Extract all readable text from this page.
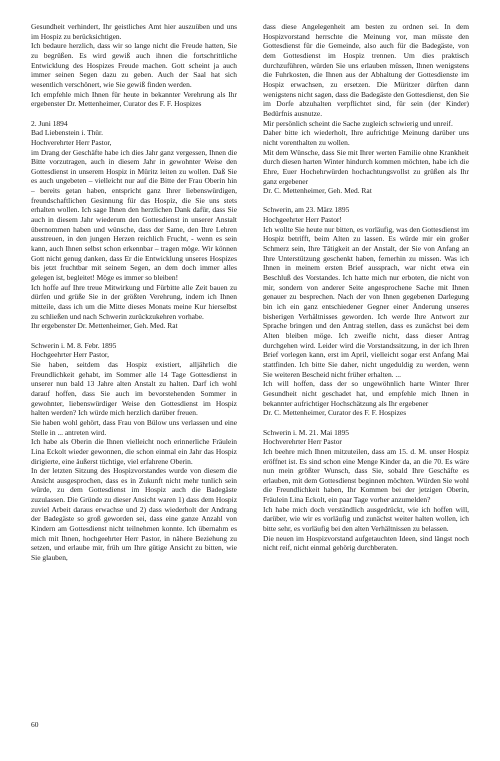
Gesundheit verhindert, Ihr geistliches Amt hier auszuüben und uns im Hospiz zu berücksichtigen.

Ich bedaure herzlich, dass wir so lange nicht die Freude hatten, Sie zu begrüßen. Es wird gewiß auch ihnen die fortschrittliche Entwicklung des Hospizes Freude machen. Gott scheint ja auch immer seinen Segen dazu zu geben. Auch der Saal hat sich wesentlich verschönert, wie Sie gewiß finden werden.

Ich empfehle mich Ihnen für heute in bekannter Verehrung als Ihr ergebenster Dr. Mettenheimer, Curator des F. F. Hospizes

2. Juni 1894

Bad Liebenstein i. Thür.

Hochverehrter Herr Pastor,

im Drang der Geschäfte habe ich dies Jahr ganz vergessen, Ihnen die Bitte vorzutragen, auch in diesem Jahr in gewohnter Weise den Gottesdienst in unserem Hospiz in Müritz leiten zu wollen. Daß Sie es auch ungebeten – vielleicht nur auf die Bitte der Frau Oberin hin – bereits getan haben, entspricht ganz Ihrer liebenswürdigen, freundschaftlichen Gesinnung für das Hospiz, die Sie uns stets erhalten wollen. Ich sage Ihnen den herzlichen Dank dafür, dass Sie auch in diesem Jahr wiederum den Gottesdienst in unserer Anstalt übernommen haben und wünsche, dass der Same, den Ihre Lehren ausstreuen, in den jungen Herzen reichlich Frucht, - wenn es sein kann, auch Ihnen selbst schon erkennbar – tragen möge. Wir können Gott nicht genug danken, dass Er die Entwicklung unseres Hospizes bis jetzt fruchtbar mit seinem Segen, an dem doch immer alles gelegen ist, begleitet! Möge es immer so bleiben!

Ich hoffe auf Ihre treue Mitwirkung und Fürbitte alle Zeit bauen zu dürfen und grüße Sie in der größten Verehrung, indem ich Ihnen mitteile, dass ich um die Mitte dieses Monats meine Kur hierselbst zu schließen und nach Schwerin zurückzukehren vorhabe.

Ihr ergebenster Dr. Mettenheimer, Geh. Med. Rat

Schwerin i. M. 8. Febr. 1895

Hochgeehrter Herr Pastor,

Sie haben, seitdem das Hospiz existiert, alljährlich die Freundlichkeit gehabt, im Sommer alle 14 Tage Gottesdienst in unserer nun bald 13 Jahre alten Anstalt zu halten. Darf ich wohl darauf hoffen, dass Sie auch im bevorstehenden Sommer in gewohnter, liebenswürdiger Weise den Gottesdienst im Hospiz halten werden? Ich würde mich herzlich darüber freuen.

Sie haben wohl gehört, dass Frau von Bülow uns verlassen und eine Stelle in ... antreten wird.

Ich habe als Oberin die Ihnen vielleicht noch erinnerliche Fräulein Lina Eckolt wieder gewonnen, die schon einmal ein Jahr das Hospiz dirigierte, eine äußerst tüchtige, viel erfahrene Oberin.

In der letzten Sitzung des Hospizvorstandes wurde von diesem die Ansicht ausgesprochen, dass es in Zukunft nicht mehr tunlich sein würde, zu dem Gottesdienst im Hospiz auch die Badegäste zuzulassen. Die Gründe zu dieser Ansicht waren 1) dass dem Hospiz zuviel Arbeit daraus erwachse und 2) dass wiederholt der Andrang der Badegäste so groß geworden sei, dass eine ganze Anzahl von Kindern am Gottesdienst nicht teilnehmen konnte. Ich übernahm es mich mit Ihnen, hochgeehrter Herr Pastor, in nähere Beziehung zu setzen, und erlaube mir, früh um Ihre gütige Ansicht zu bitten, wie Sie glauben,

dass diese Angelegenheit am besten zu ordnen sei. In dem Hospizvorstand herrschte die Meinung vor, man müsste den Gottesdienst für die Gemeinde, also auch für die Badegäste, von dem Gottesdienst im Hospiz trennen. Um dies praktisch durchzuführen, würden Sie uns erlauben müssen, Ihnen wenigstens die Fuhrkosten, die Ihnen aus der Abhaltung der Gottesdienste im Hospiz erwachsen, zu ersetzen. Die Müritzer dürften dann wenigstens nicht sagen, dass die Badegäste den Gottesdienst, den Sie im Dorfe abzuhalten verpflichtet sind, für sein (der Kinder) Bedürfnis ausnutze.

Mir persönlich scheint die Sache zugleich schwierig und unreif.

Daher bitte ich wiederholt, Ihre aufrichtige Meinung darüber uns nicht vorenthalten zu wollen.

Mit dem Wünsche, dass Sie mit Ihrer werten Familie ohne Krankheit durch diesen harten Winter hindurch kommen möchten, habe ich die Ehre, Euer Hochehrwürden hochachtungsvollst zu grüßen als Ihr ganz ergebener

Dr. C. Mettenheimer, Geh. Med. Rat

Schwerin, am 23. März 1895

Hochgeehrter Herr Pastor!

Ich wollte Sie heute nur bitten, es vorläufig, was den Gottesdienst im Hospiz betrifft, beim Alten zu lassen. Es würde mir ein großer Schmerz sein, Ihre Tätigkeit an der Anstalt, der Sie von Anfang an Ihre Unterstützung geschenkt haben, fernerhin zu missen. Was ich Ihnen in meinem ersten Brief aussprach, war nicht etwa ein Beschluß des Vorstandes. Ich hatte mich nur erboten, die nicht von mir, sondern von anderer Seite angesprochene Sache mit Ihnen genauer zu besprechen. Nach der von Ihnen gegebenen Darlegung bin ich ein ganz entschiedener Gegner einer Änderung unseres bisherigen Verhältnisses geworden. Ich werde Ihre Antwort zur Sprache bringen und den Antrag stellen, dass es zunächst bei dem Alten bleiben möge. Ich zweifle nicht, dass dieser Antrag durchgehen wird. Leider wird die Vorstandssitzung, in der ich Ihren Brief vorlegen kann, erst im April, vielleicht sogar erst Anfang Mai stattfinden. Ich bitte Sie daher, nicht ungeduldig zu werden, wenn Sie weiteren Bescheid nicht früher erhalten. ...

Ich will hoffen, dass der so ungewöhnlich harte Winter Ihrer Gesundheit nicht geschadet hat, und empfehle mich Ihnen in bekannter aufrichtiger Hochschätzung als Ihr ergebener

Dr. C. Mettenheimer, Curator des F. F. Hospizes

Schwerin i. M. 21. Mai 1895

Hochverehrter Herr Pastor

Ich beehre mich Ihnen mitzuteilen, dass am 15. d. M. unser Hospiz eröffnet ist. Es sind schon eine Menge Kinder da, an die 70. Es wäre nun mein größter Wunsch, dass Sie, sobald Ihre Geschäfte es erlauben, mit dem Gottesdienst beginnen möchten. Würden Sie wohl die Freundlichkeit haben, Ihr Kommen bei der jetzigen Oberin, Fräulein Lina Eckolt, ein paar Tage vorher anzumelden?

Ich habe mich doch verständlich ausgedrückt, wie ich hoffen will, darüber, wie wir es vorläufig und zunächst weiter halten wollen, ich bitte sehr, es vorläufig bei den alten Verhältnissen zu belassen.

Die neuen im Hospizvorstand aufgetauchten Ideen, sind längst noch nicht reif, nicht einmal gehörig durchberaten.

60
